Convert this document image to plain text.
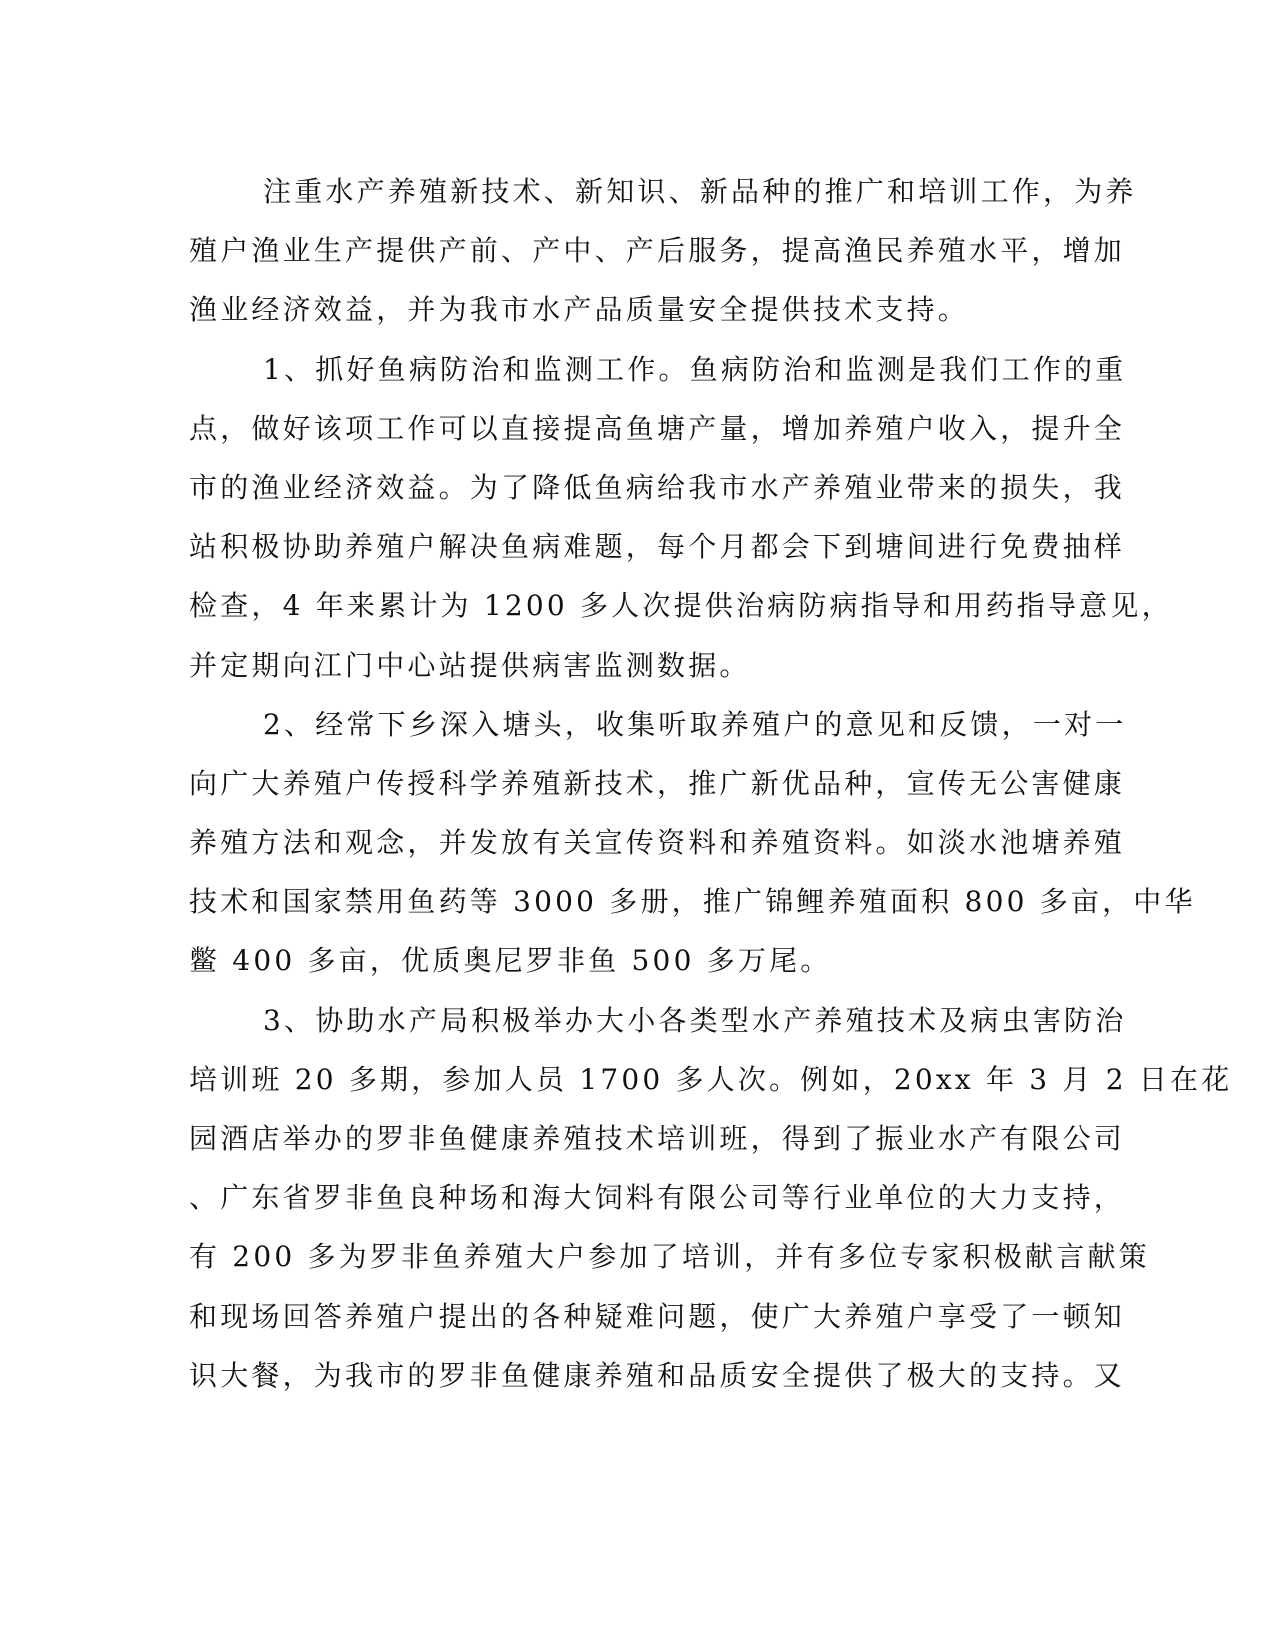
注重水产养殖新技术、新知识、新品种的推广和培训工作，为养
殖户渔业生产提供产前、产中、产后服务，提高渔民养殖水平，增加
渔业经济效益，并为我市水产品质量安全提供技术支持。
1、抓好鱼病防治和监测工作。鱼病防治和监测是我们工作的重
点，做好该项工作可以直接提高鱼塘产量，增加养殖户收入，提升全
市的渔业经济效益。为了降低鱼病给我市水产养殖业带来的损失，我
站积极协助养殖户解决鱼病难题，每个月都会下到塘间进行免费抽样
检查，4 年来累计为 1200 多人次提供治病防病指导和用药指导意见，
并定期向江门中心站提供病害监测数据。
2、经常下乡深入塘头，收集听取养殖户的意见和反馈，一对一
向广大养殖户传授科学养殖新技术，推广新优品种，宣传无公害健康
养殖方法和观念，并发放有关宣传资料和养殖资料。如淡水池塘养殖
技术和国家禁用鱼药等 3000 多册，推广锦鲤养殖面积 800 多亩，中华
鳖 400 多亩，优质奥尼罗非鱼 500 多万尾。
3、协助水产局积极举办大小各类型水产养殖技术及病虫害防治
培训班 20 多期，参加人员 1700 多人次。例如，20xx 年 3 月 2 日在花
园酒店举办的罗非鱼健康养殖技术培训班，得到了振业水产有限公司
、广东省罗非鱼良种场和海大饲料有限公司等行业单位的大力支持，
有 200 多为罗非鱼养殖大户参加了培训，并有多位专家积极献言献策
和现场回答养殖户提出的各种疑难问题，使广大养殖户享受了一顿知
识大餐，为我市的罗非鱼健康养殖和品质安全提供了极大的支持。又
